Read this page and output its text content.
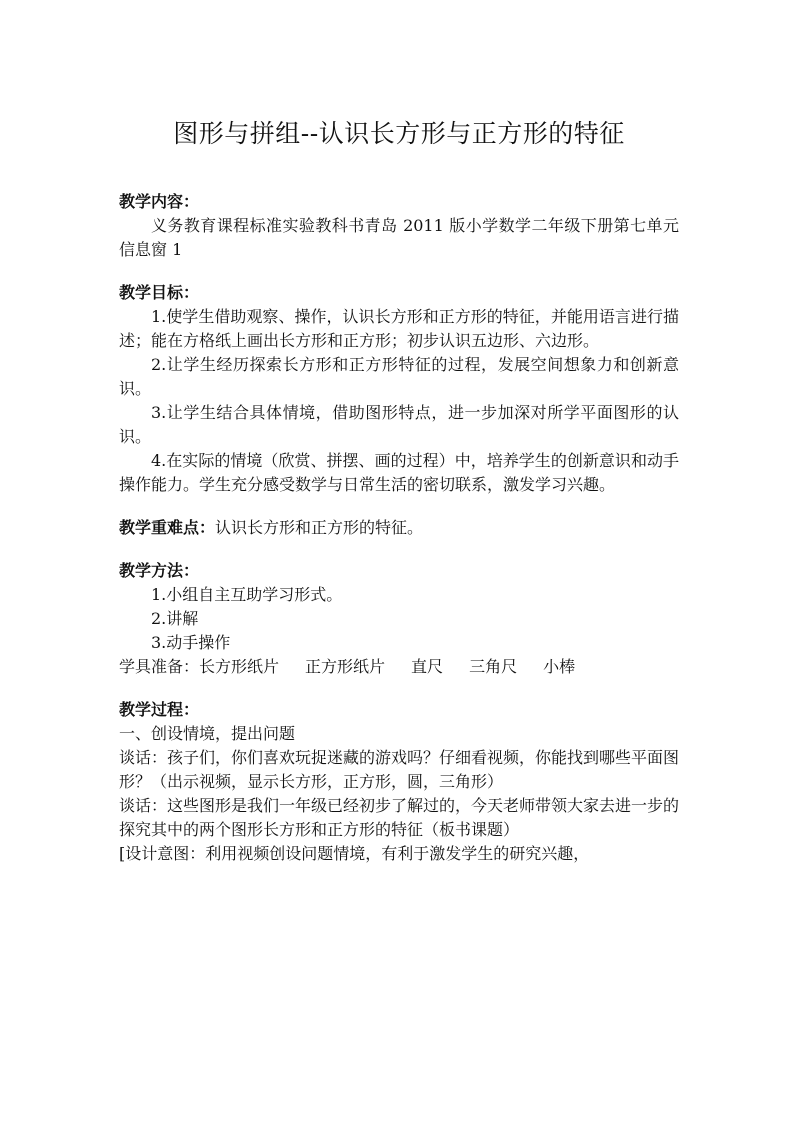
图形与拼组--认识长方形与正方形的特征

教学内容：

义务教育课程标准实验教科书青岛 2011 版小学数学二年级下册第七单元信息窗 1

教学目标：

1.使学生借助观察、操作，认识长方形和正方形的特征，并能用语言进行描述；能在方格纸上画出长方形和正方形；初步认识五边形、六边形。

2.让学生经历探索长方形和正方形特征的过程，发展空间想象力和创新意识。

3.让学生结合具体情境，借助图形特点，进一步加深对所学平面图形的认识。

4.在实际的情境（欣赏、拼摆、画的过程）中，培养学生的创新意识和动手操作能力。学生充分感受数学与日常生活的密切联系，激发学习兴趣。

教学重难点：认识长方形和正方形的特征。

教学方法：

1.小组自主互助学习形式。
2.讲解
3.动手操作

学具准备：长方形纸片 正方形纸片 直尺 三角尺 小棒

教学过程：

一、创设情境，提出问题

谈话：孩子们，你们喜欢玩捉迷藏的游戏吗？仔细看视频，你能找到哪些平面图形？（出示视频，显示长方形，正方形，圆，三角形）

谈话：这些图形是我们一年级已经初步了解过的，今天老师带领大家去进一步的探究其中的两个图形长方形和正方形的特征（板书课题）

[设计意图：利用视频创设问题情境，有利于激发学生的研究兴趣，
